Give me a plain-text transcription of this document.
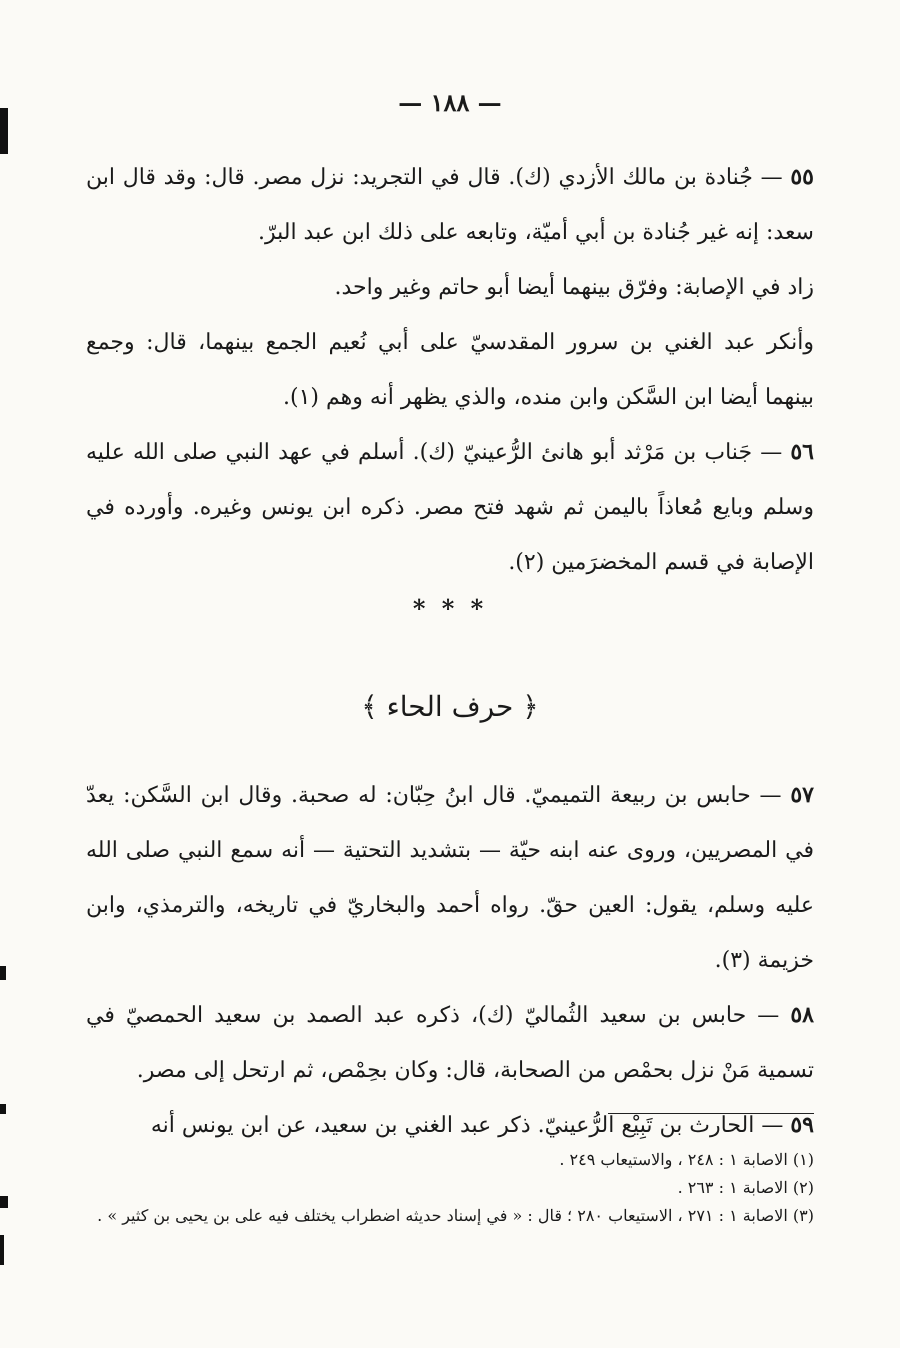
— ١٨٨ —

٥٥ — جُنادة بن مالك الأزدي (ك). قال في التجريد: نزل مصر. قال: وقد قال ابن سعد: إنه غير جُنادة بن أبي أميّة، وتابعه على ذلك ابن عبد البرّ.

زاد في الإصابة: وفرّق بينهما أيضا أبو حاتم وغير واحد.

وأنكر عبد الغني بن سرور المقدسيّ على أبي نُعيم الجمع بينهما، قال: وجمع بينهما أيضا ابن السَّكن وابن منده، والذي يظهر أنه وهم (١).

٥٦ — جَناب بن مَرْثد أبو هانئ الرُّعينيّ (ك). أسلم في عهد النبي صلى الله عليه وسلم وبايع مُعاذاً باليمن ثم شهد فتح مصر. ذكره ابن يونس وغيره. وأورده في الإصابة في قسم المخضرَمين (٢).

* * *
﴿ حرف الحاء ﴾

٥٧ — حابس بن ربيعة التميميّ. قال ابنُ حِبّان: له صحبة. وقال ابن السَّكن: يعدّ في المصريين، وروى عنه ابنه حيّة — بتشديد التحتية — أنه سمع النبي صلى الله عليه وسلم، يقول: العين حقّ. رواه أحمد والبخاريّ في تاريخه، والترمذي، وابن خزيمة (٣).

٥٨ — حابس بن سعيد الثُماليّ (ك)، ذكره عبد الصمد بن سعيد الحمصيّ في تسمية مَنْ نزل بحمْص من الصحابة، قال: وكان بحِمْص، ثم ارتحل إلى مصر.

٥٩ — الحارث بن تَبِيْع الرُّعينيّ. ذكر عبد الغني بن سعيد، عن ابن يونس أنه

(١) الاصابة ١ : ٢٤٨ ، والاستيعاب ٢٤٩ .

(٢) الاصابة ١ : ٢٦٣ .

(٣) الاصابة ١ : ٢٧١ ، الاستيعاب ٢٨٠ ؛ قال : « في إسناد حديثه اضطراب يختلف فيه على بن يحيى بن كثير » .
